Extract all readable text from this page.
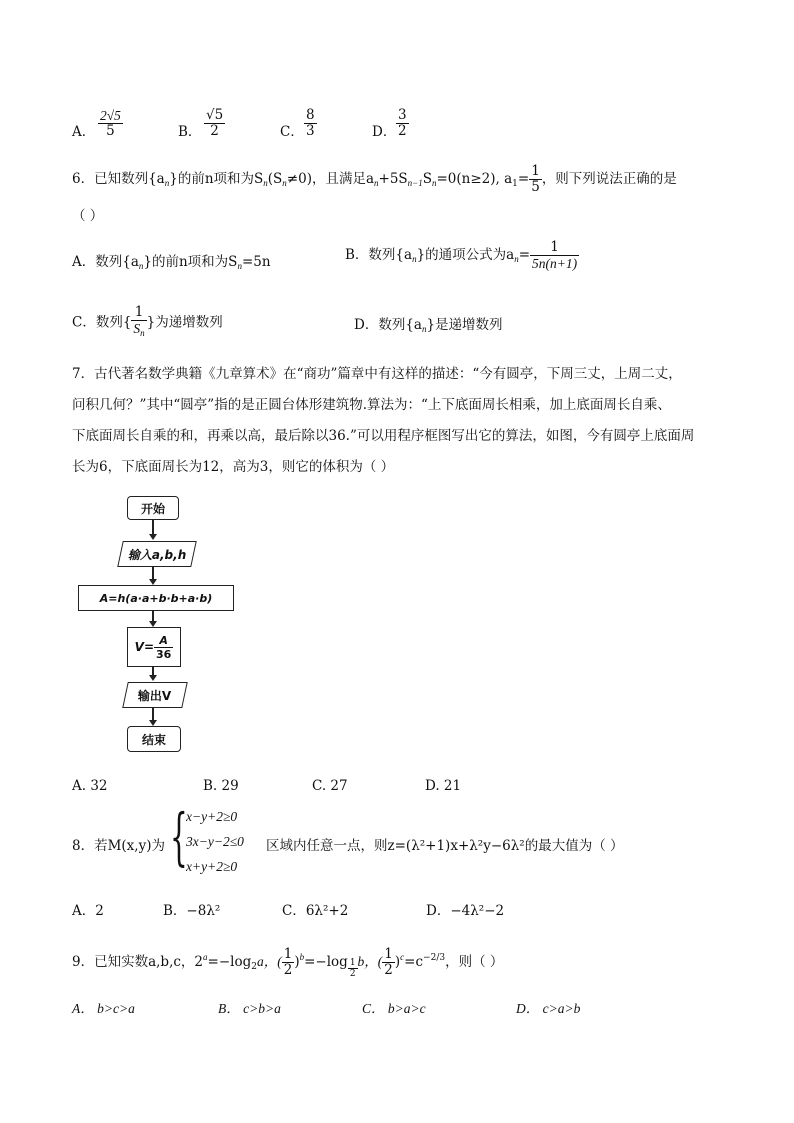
A． $\frac{2√5}{5}$	B． $\frac{√5}{2}$	C． $\frac{8}{3}$	D． $\frac{3}{2}$
6．已知数列$\{a_n\}$的前n项和为$S_n(S_n\ne 0)$，且满足$a_n+5S_{n-1}S_n=0(n\ge 2)$, $a_1= \frac{1}{5}$ ，则下列说法正确的是
（ ）
A．数列$\{a_n\}$的前n项和为$S_n=5n$	B．数列$\{a_n\}$的通项公式为$a_n= \frac{1}{5n(n+1)}$
C．数列{ $\frac{1}{S_n}$ }为递增数列	D．数列$\{a_n\}$是递增数列
7．古代著名数学典籍《九章算术》在“商功”篇章中有这样的描述：“今有圆亭，下周三丈，上周二丈，
问积几何？”其中“圆亭”指的是正圆台体形建筑物.算法为：“上下底面周长相乘，加上底面周长自乘、
下底面周长自乘的和，再乘以高，最后除以36.”可以用程序框图写出它的算法，如图，今有圆亭上底面周
长为6，下底面周长为12，高为3，则它的体积为（ ）
开始
输入a,b,h
A=h(a·a+b·b+a·b)
$V= \frac{A}{36}$
输出V
结束
A. 32	B. 29	C. 27	D. 21
8．若M(x,y)为 {
x−y+2≥0
3x−y−2≤0
x+y+2≥0
区域内任意一点，则z=(λ²+1)x+λ²y−6λ²的最大值为（ ）
A．2	B．−8λ²	C．6λ²+2	D．−4λ²−2
9．已知实数a,b,c，$2^a=-\log_2a$，( $\frac{1}{2} )^b=-\log \frac{1}{2}$ b，( $\frac{1}{2} )^c=c^{-2/3}$，则（ ）
A． b>c>a	B． c>b>a	C． b>a>c	D． c>a>b
